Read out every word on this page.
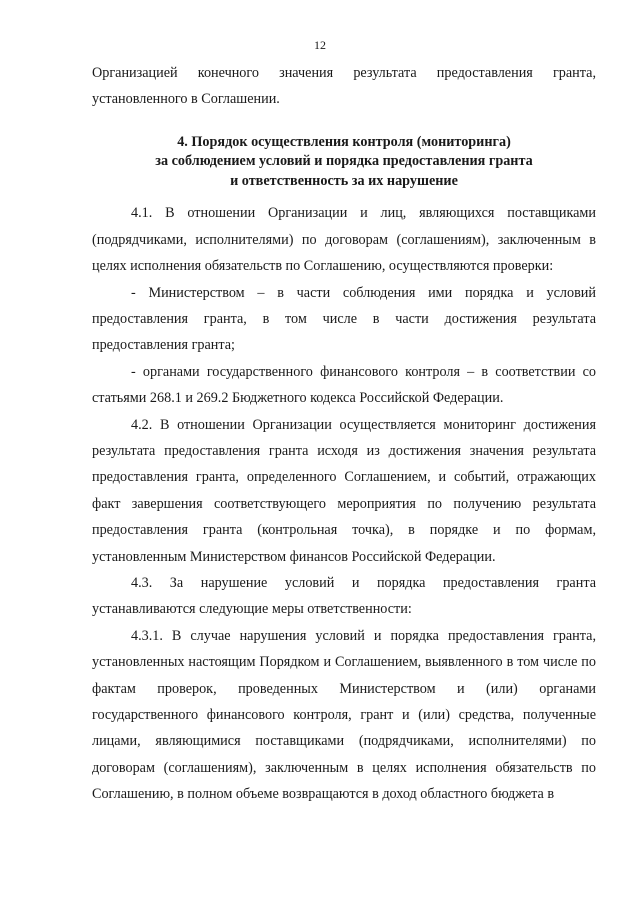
12

Организацией конечного значения результата предоставления гранта, установленного в Соглашении.

4. Порядок осуществления контроля (мониторинга)
за соблюдением условий и порядка предоставления гранта
и ответственность за их нарушение

4.1. В отношении Организации и лиц, являющихся поставщиками (подрядчиками, исполнителями) по договорам (соглашениям), заключенным в целях исполнения обязательств по Соглашению, осуществляются проверки:

- Министерством – в части соблюдения ими порядка и условий предоставления гранта, в том числе в части достижения результата предоставления гранта;

- органами государственного финансового контроля – в соответствии со статьями 268.1 и 269.2 Бюджетного кодекса Российской Федерации.

4.2. В отношении Организации осуществляется мониторинг достижения результата предоставления гранта исходя из достижения значения результата предоставления гранта, определенного Соглашением, и событий, отражающих факт завершения соответствующего мероприятия по получению результата предоставления гранта (контрольная точка), в порядке и по формам, установленным Министерством финансов Российской Федерации.

4.3. За нарушение условий и порядка предоставления гранта устанавливаются следующие меры ответственности:

4.3.1. В случае нарушения условий и порядка предоставления гранта, установленных настоящим Порядком и Соглашением, выявленного в том числе по фактам проверок, проведенных Министерством и (или) органами государственного финансового контроля, грант и (или) средства, полученные лицами, являющимися поставщиками (подрядчиками, исполнителями) по договорам (соглашениям), заключенным в целях исполнения обязательств по Соглашению, в полном объеме возвращаются в доход областного бюджета в
